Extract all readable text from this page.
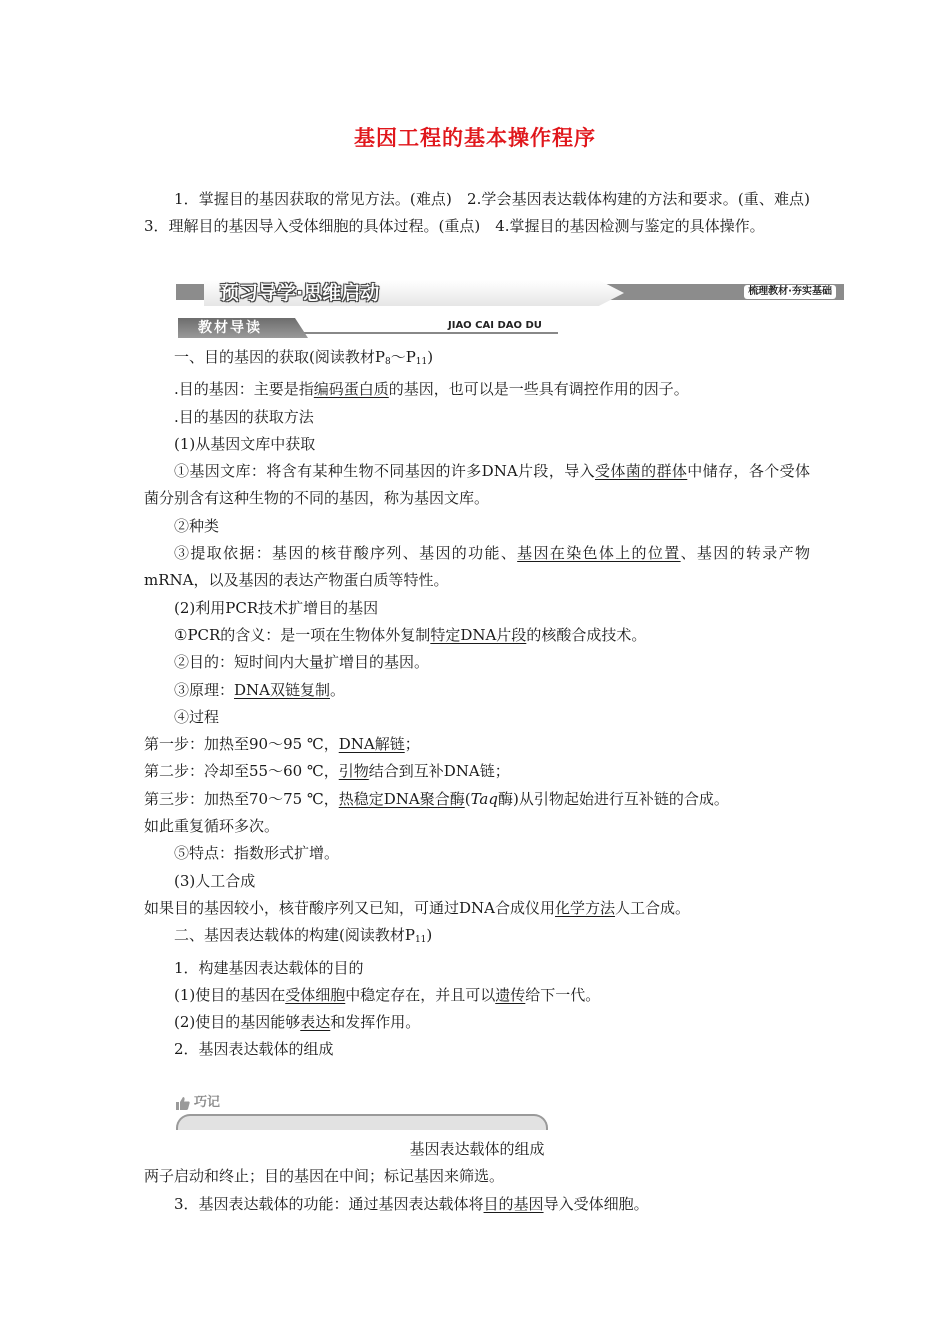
基因工程的基本操作程序
1．掌握目的基因获取的常见方法。(难点)　2.学会基因表达载体构建的方法和要求。(重、难点)　3．理解目的基因导入受体细胞的具体过程。(重点)　4.掌握目的基因检测与鉴定的具体操作。
预习导学·思维启动	梳理教材·夯实基础
教材导读	JIAO CAI DAO DU
一、目的基因的获取(阅读教材$P_8\sim P_{11}$)
.目的基因：主要是指编码蛋白质的基因，也可以是一些具有调控作用的因子。
.目的基因的获取方法
(1)从基因文库中获取
①基因文库：将含有某种生物不同基因的许多DNA片段，导入受体菌的群体中储存，各个受体菌分别含有这种生物的不同的基因，称为基因文库。
②种类
③提取依据：基因的核苷酸序列、基因的功能、基因在染色体上的位置、基因的转录产物mRNA，以及基因的表达产物蛋白质等特性。
(2)利用PCR技术扩增目的基因
①PCR的含义：是一项在生物体外复制特定DNA片段的核酸合成技术。
②目的：短时间内大量扩增目的基因。
③原理：DNA双链复制。
④过程
第一步：加热至90～95 ℃，DNA解链；
第二步：冷却至55～60 ℃，引物结合到互补DNA链；
第三步：加热至70～75 ℃，热稳定DNA聚合酶(Taq酶)从引物起始进行互补链的合成。
如此重复循环多次。
⑤特点：指数形式扩增。
(3)人工合成
如果目的基因较小，核苷酸序列又已知，可通过DNA合成仪用化学方法人工合成。
二、基因表达载体的构建(阅读教材$P_{11}$)
1．构建基因表达载体的目的
(1)使目的基因在受体细胞中稳定存在，并且可以遗传给下一代。
(2)使目的基因能够表达和发挥作用。
2．基因表达载体的组成
巧记
基因表达载体的组成
两子启动和终止；目的基因在中间；标记基因来筛选。
3．基因表达载体的功能：通过基因表达载体将目的基因导入受体细胞。
